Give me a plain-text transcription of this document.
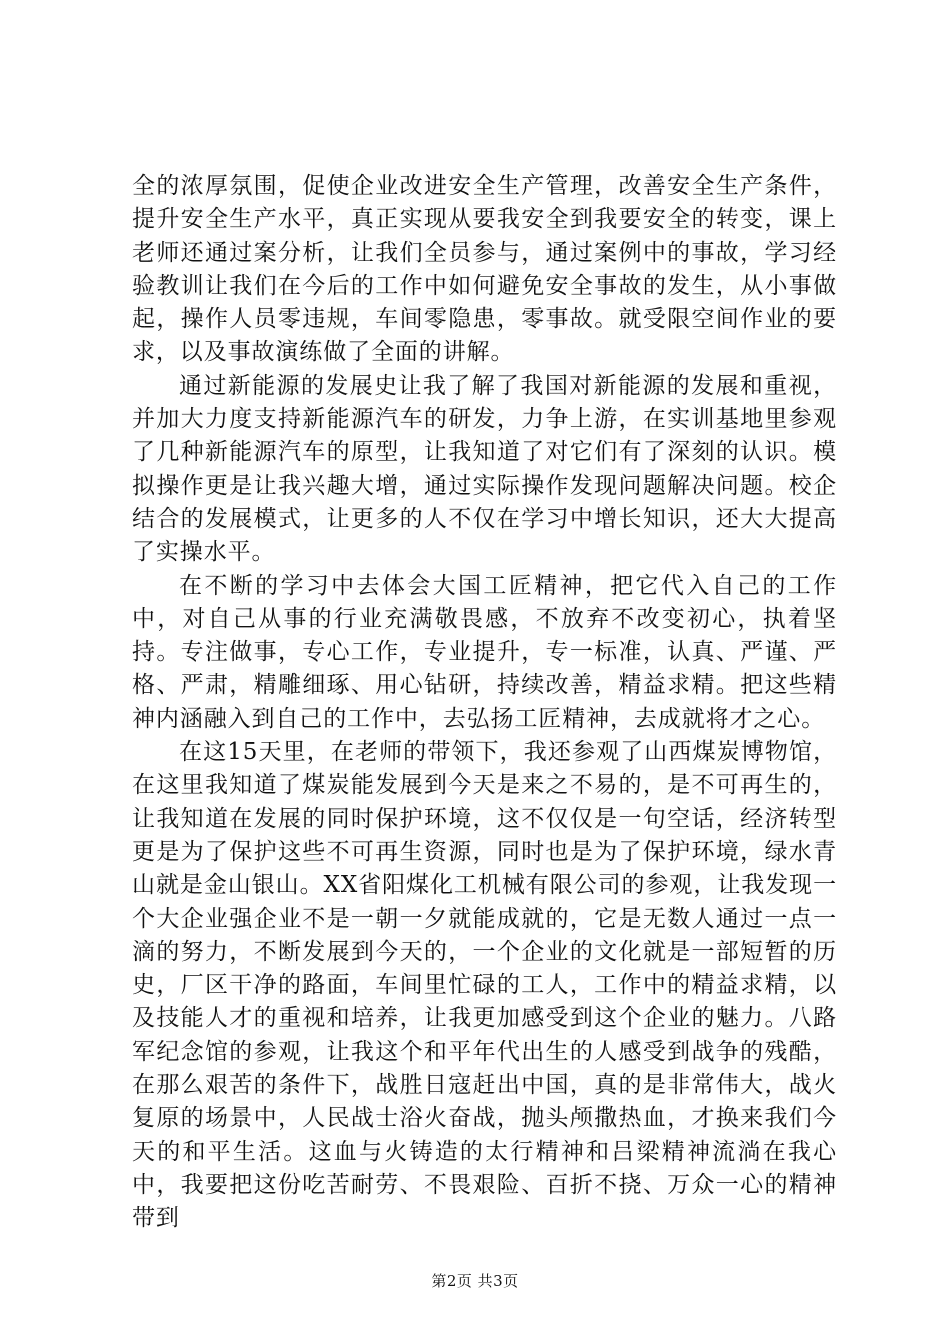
全的浓厚氛围，促使企业改进安全生产管理，改善安全生产条件，提升安全生产水平，真正实现从要我安全到我要安全的转变，课上老师还通过案分析，让我们全员参与，通过案例中的事故，学习经验教训让我们在今后的工作中如何避免安全事故的发生，从小事做起，操作人员零违规，车间零隐患，零事故。就受限空间作业的要求，以及事故演练做了全面的讲解。

通过新能源的发展史让我了解了我国对新能源的发展和重视，并加大力度支持新能源汽车的研发，力争上游，在实训基地里参观了几种新能源汽车的原型，让我知道了对它们有了深刻的认识。模拟操作更是让我兴趣大增，通过实际操作发现问题解决问题。校企结合的发展模式，让更多的人不仅在学习中增长知识，还大大提高了实操水平。

在不断的学习中去体会大国工匠精神，把它代入自己的工作中，对自己从事的行业充满敬畏感，不放弃不改变初心，执着坚持。专注做事，专心工作，专业提升，专一标准，认真、严谨、严格、严肃，精雕细琢、用心钻研，持续改善，精益求精。把这些精神内涵融入到自己的工作中，去弘扬工匠精神，去成就将才之心。

在这15天里，在老师的带领下，我还参观了山西煤炭博物馆，在这里我知道了煤炭能发展到今天是来之不易的，是不可再生的，让我知道在发展的同时保护环境，这不仅仅是一句空话，经济转型更是为了保护这些不可再生资源，同时也是为了保护环境，绿水青山就是金山银山。XX省阳煤化工机械有限公司的参观，让我发现一个大企业强企业不是一朝一夕就能成就的，它是无数人通过一点一滴的努力，不断发展到今天的，一个企业的文化就是一部短暂的历史，厂区干净的路面，车间里忙碌的工人，工作中的精益求精，以及技能人才的重视和培养，让我更加感受到这个企业的魅力。八路军纪念馆的参观，让我这个和平年代出生的人感受到战争的残酷，在那么艰苦的条件下，战胜日寇赶出中国，真的是非常伟大，战火复原的场景中，人民战士浴火奋战，抛头颅撒热血，才换来我们今天的和平生活。这血与火铸造的太行精神和吕梁精神流淌在我心中，我要把这份吃苦耐劳、不畏艰险、百折不挠、万众一心的精神带到

第2页 共3页
